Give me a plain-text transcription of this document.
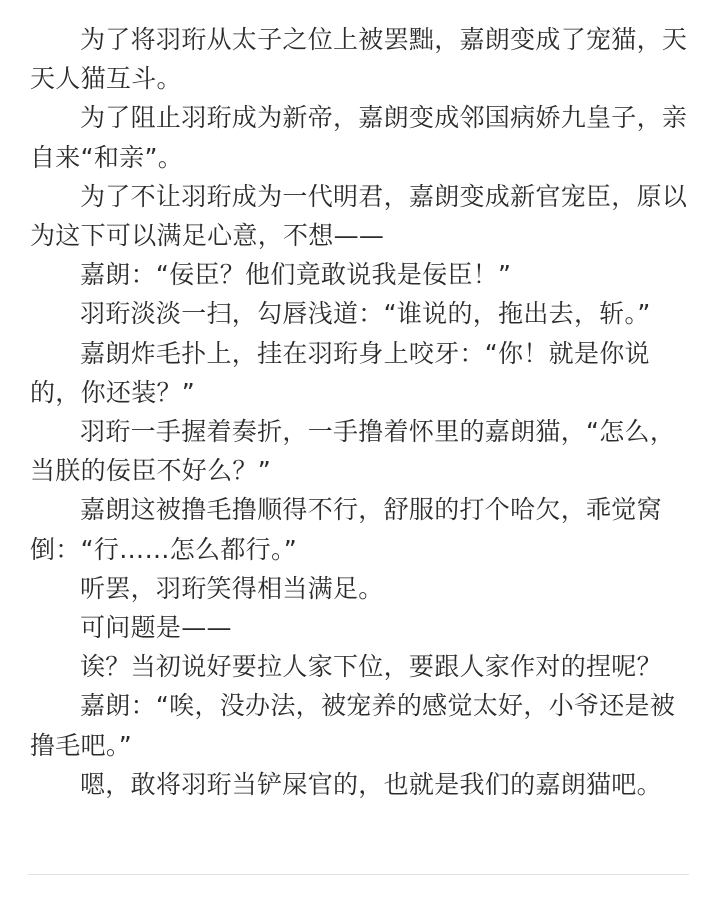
为了将羽珩从太子之位上被罢黜，嘉朗变成了宠猫，天天人猫互斗。

为了阻止羽珩成为新帝，嘉朗变成邻国病娇九皇子，亲自来“和亲”。

为了不让羽珩成为一代明君，嘉朗变成新官宠臣，原以为这下可以满足心意，不想——

嘉朗：“佞臣？他们竟敢说我是佞臣！”

羽珩淡淡一扫，勾唇浅道：“谁说的，拖出去，斩。”

嘉朗炸毛扑上，挂在羽珩身上咬牙：“你！就是你说的，你还装？”

羽珩一手握着奏折，一手撸着怀里的嘉朗猫，“怎么，当朕的佞臣不好么？”

嘉朗这被撸毛撸顺得不行，舒服的打个哈欠，乖觉窝倒：“行……怎么都行。”

听罢，羽珩笑得相当满足。

可问题是——

诶？当初说好要拉人家下位，要跟人家作对的捏呢？

嘉朗：“唉，没办法，被宠养的感觉太好，小爷还是被撸毛吧。”

嗯，敢将羽珩当铲屎官的，也就是我们的嘉朗猫吧。
